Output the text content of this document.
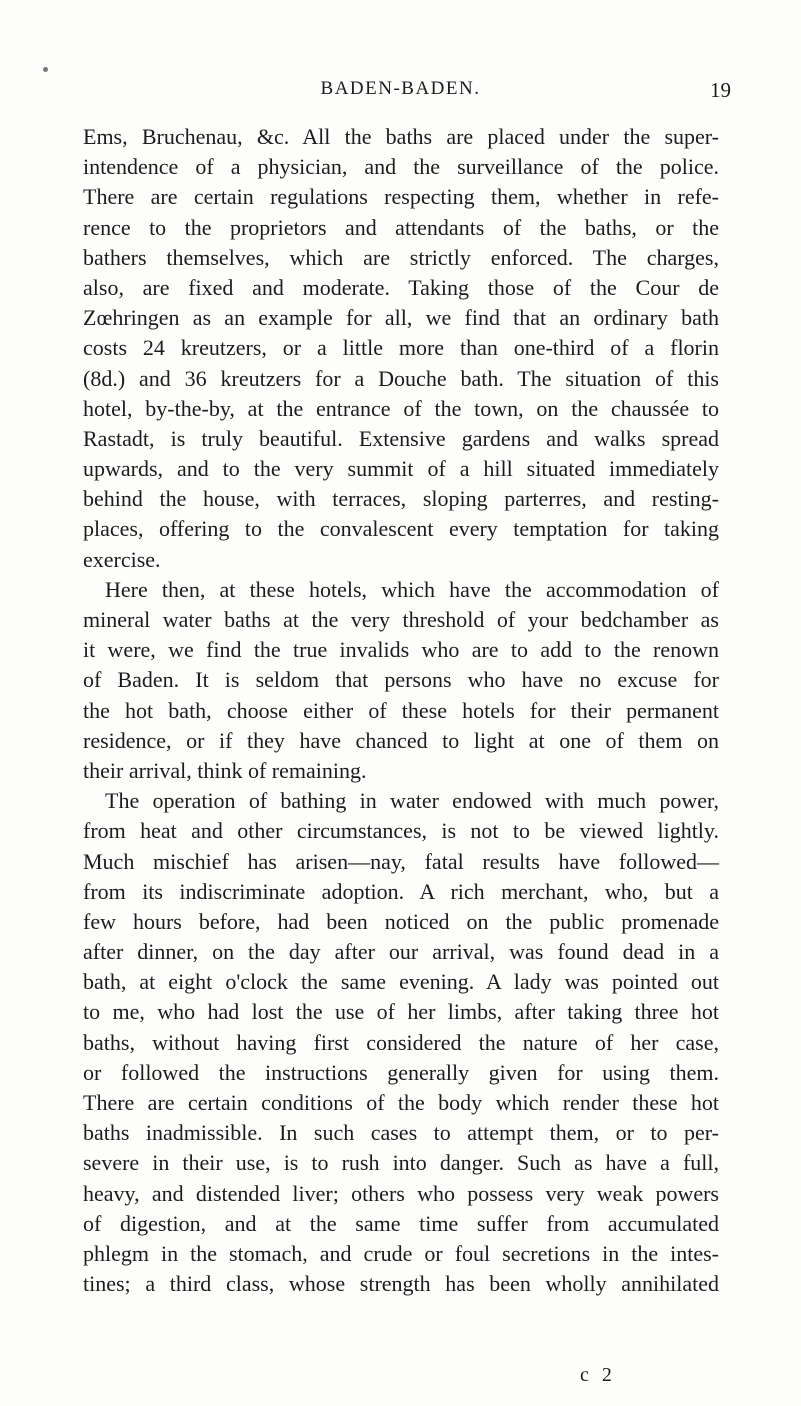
BADEN-BADEN.	19
Ems, Bruchenau, &c. All the baths are placed under the super-
intendence of a physician, and the surveillance of the police.
There are certain regulations respecting them, whether in refe-
rence to the proprietors and attendants of the baths, or the
bathers themselves, which are strictly enforced. The charges,
also, are fixed and moderate. Taking those of the Cour de
Zœhringen as an example for all, we find that an ordinary bath
costs 24 kreutzers, or a little more than one-third of a florin
(8d.) and 36 kreutzers for a Douche bath. The situation of this
hotel, by-the-by, at the entrance of the town, on the chaussée to
Rastadt, is truly beautiful. Extensive gardens and walks spread
upwards, and to the very summit of a hill situated immediately
behind the house, with terraces, sloping parterres, and resting-
places, offering to the convalescent every temptation for taking
exercise.
Here then, at these hotels, which have the accommodation of
mineral water baths at the very threshold of your bedchamber as
it were, we find the true invalids who are to add to the renown
of Baden. It is seldom that persons who have no excuse for
the hot bath, choose either of these hotels for their permanent
residence, or if they have chanced to light at one of them on
their arrival, think of remaining.
The operation of bathing in water endowed with much power,
from heat and other circumstances, is not to be viewed lightly.
Much mischief has arisen—nay, fatal results have followed—
from its indiscriminate adoption. A rich merchant, who, but a
few hours before, had been noticed on the public promenade
after dinner, on the day after our arrival, was found dead in a
bath, at eight o'clock the same evening. A lady was pointed out
to me, who had lost the use of her limbs, after taking three hot
baths, without having first considered the nature of her case,
or followed the instructions generally given for using them.
There are certain conditions of the body which render these hot
baths inadmissible. In such cases to attempt them, or to per-
severe in their use, is to rush into danger. Such as have a full,
heavy, and distended liver; others who possess very weak powers
of digestion, and at the same time suffer from accumulated
phlegm in the stomach, and crude or foul secretions in the intes-
tines; a third class, whose strength has been wholly annihilated
c 2
